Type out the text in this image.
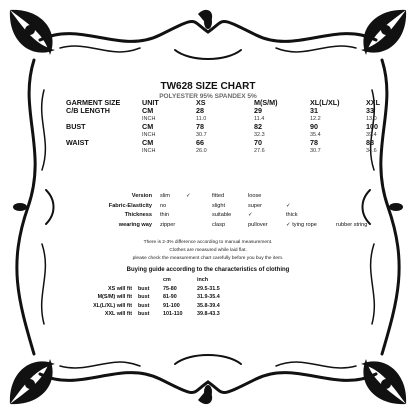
TW628 SIZE CHART
POLYESTER 95% SPANDEX 5%
GARMENT SIZE	UNIT	XS	M(S/M)	XL(L/XL)	XXL
C/B LENGTH	CM	28	29	31	33
	INCH	11.0	11.4	12.2	13.0
BUST	CM	78	82	90	100
	INCH	30.7	32.3	35.4	39.4
WAIST	CM	66	70	78	88
	INCH	26.0	27.6	30.7	34.6
Version	slim	✓	fitted	loose		
Fabric-Elasticity	no		slight	super	✓	
Thickness	thin		suitable	✓	thick	
wearing way	zipper		clasp	pullover	✓ tying rope	rubber string
There is 2-3% difference according to manual measurement.
Clothes are measured while laid flat.
please check the measurement chart carefully before you buy the item.
Buying guide according to the characteristics of clothing
		cm	inch
XS will fit	bust	75-80	29.5-31.5
M(S/M) will fit	bust	81-90	31.9-35.4
XL(L/XL) will fit	bust	91-100	35.8-39.4
XXL will fit	bust	101-110	39.8-43.3
